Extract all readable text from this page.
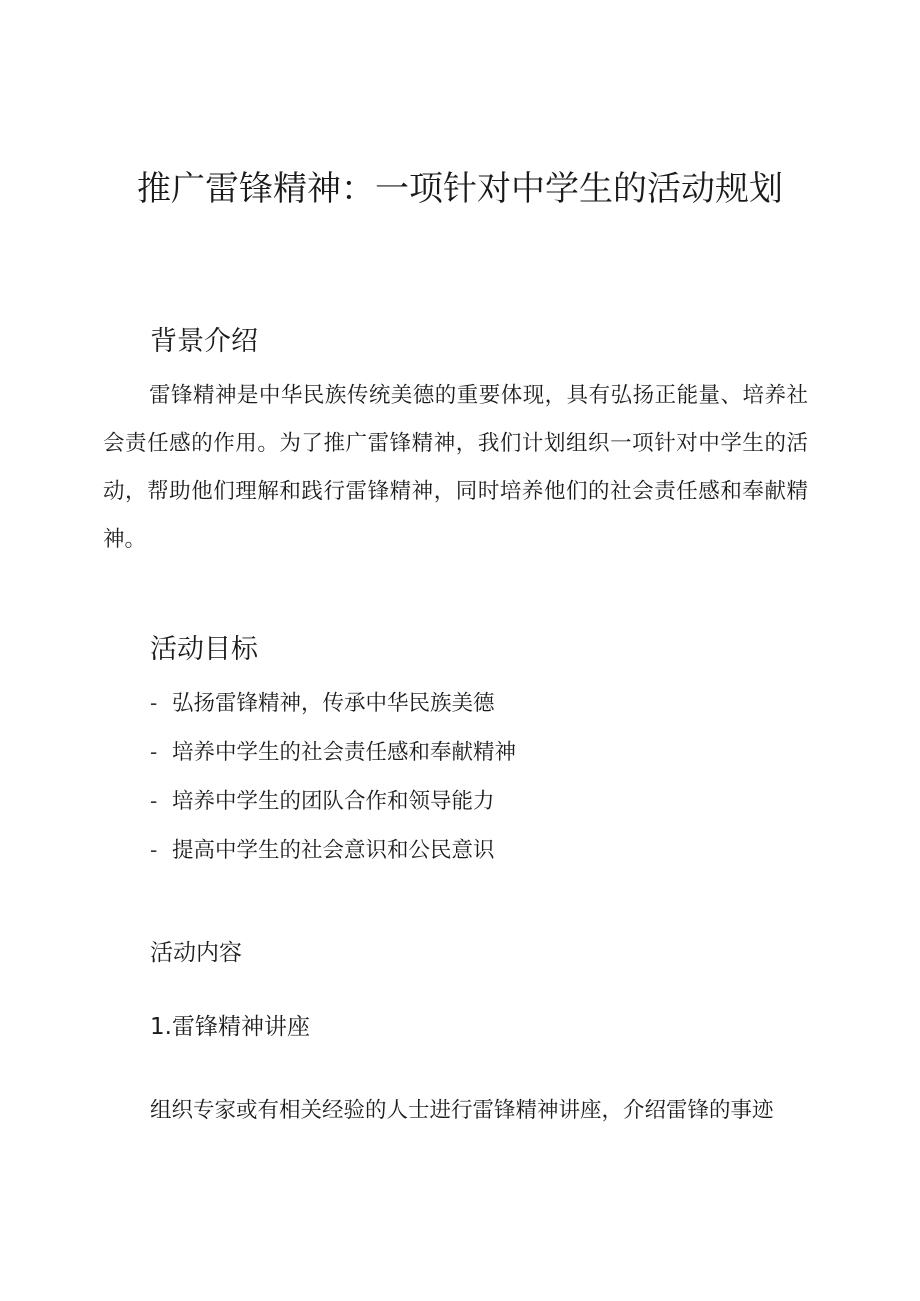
推广雷锋精神：一项针对中学生的活动规划
背景介绍

雷锋精神是中华民族传统美德的重要体现，具有弘扬正能量、培养社会责任感的作用。为了推广雷锋精神，我们计划组织一项针对中学生的活动，帮助他们理解和践行雷锋精神，同时培养他们的社会责任感和奉献精神。

活动目标
- 弘扬雷锋精神，传承中华民族美德
- 培养中学生的社会责任感和奉献精神
- 培养中学生的团队合作和领导能力
- 提高中学生的社会意识和公民意识
活动内容
1.雷锋精神讲座

组织专家或有相关经验的人士进行雷锋精神讲座，介绍雷锋的事迹
